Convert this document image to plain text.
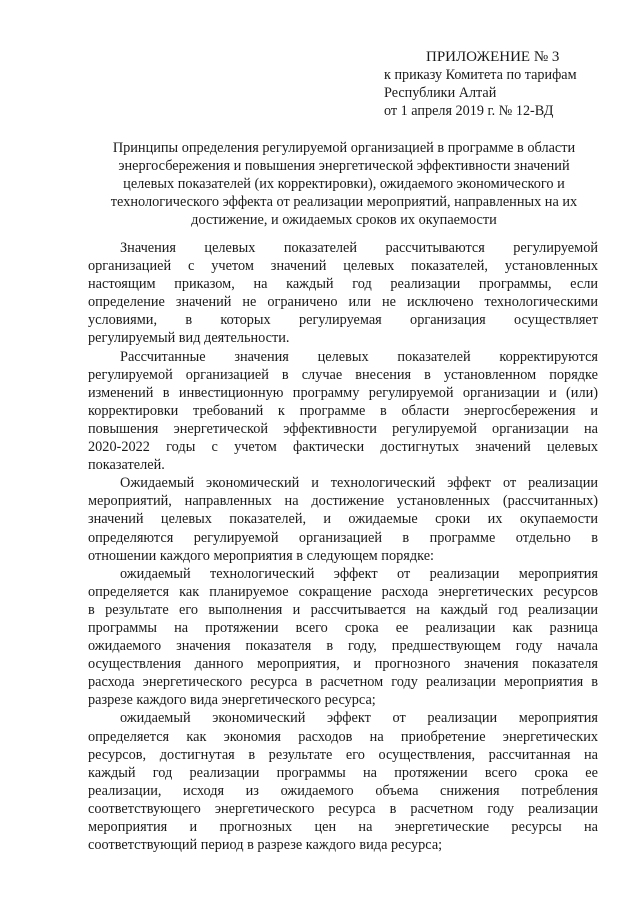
ПРИЛОЖЕНИЕ № 3
к приказу Комитета по тарифам
Республики Алтай
от 1 апреля 2019 г. № 12-ВД
Принципы определения регулируемой организацией в программе в области
энергосбережения и повышения энергетической эффективности значений
целевых показателей (их корректировки), ожидаемого экономического и
технологического эффекта от реализации мероприятий, направленных на их
достижение, и ожидаемых сроков их окупаемости

Значения целевых показателей рассчитываются регулируемой
организацией с учетом значений целевых показателей, установленных
настоящим приказом, на каждый год реализации программы, если
определение значений не ограничено или не исключено технологическими
условиями, в которых регулируемая организация осуществляет
регулируемый вид деятельности.

Рассчитанные значения целевых показателей корректируются
регулируемой организацией в случае внесения в установленном порядке
изменений в инвестиционную программу регулируемой организации и (или)
корректировки требований к программе в области энергосбережения и
повышения энергетической эффективности регулируемой организации на
2020-2022 годы с учетом фактически достигнутых значений целевых
показателей.

Ожидаемый экономический и технологический эффект от реализации
мероприятий, направленных на достижение установленных (рассчитанных)
значений целевых показателей, и ожидаемые сроки их окупаемости
определяются регулируемой организацией в программе отдельно в
отношении каждого мероприятия в следующем порядке:

ожидаемый технологический эффект от реализации мероприятия
определяется как планируемое сокращение расхода энергетических ресурсов
в результате его выполнения и рассчитывается на каждый год реализации
программы на протяжении всего срока ее реализации как разница
ожидаемого значения показателя в году, предшествующем году начала
осуществления данного мероприятия, и прогнозного значения показателя
расхода энергетического ресурса в расчетном году реализации мероприятия в
разрезе каждого вида энергетического ресурса;

ожидаемый экономический эффект от реализации мероприятия
определяется как экономия расходов на приобретение энергетических
ресурсов, достигнутая в результате его осуществления, рассчитанная на
каждый год реализации программы на протяжении всего срока ее
реализации, исходя из ожидаемого объема снижения потребления
соответствующего энергетического ресурса в расчетном году реализации
мероприятия и прогнозных цен на энергетические ресурсы на
соответствующий период в разрезе каждого вида ресурса;
